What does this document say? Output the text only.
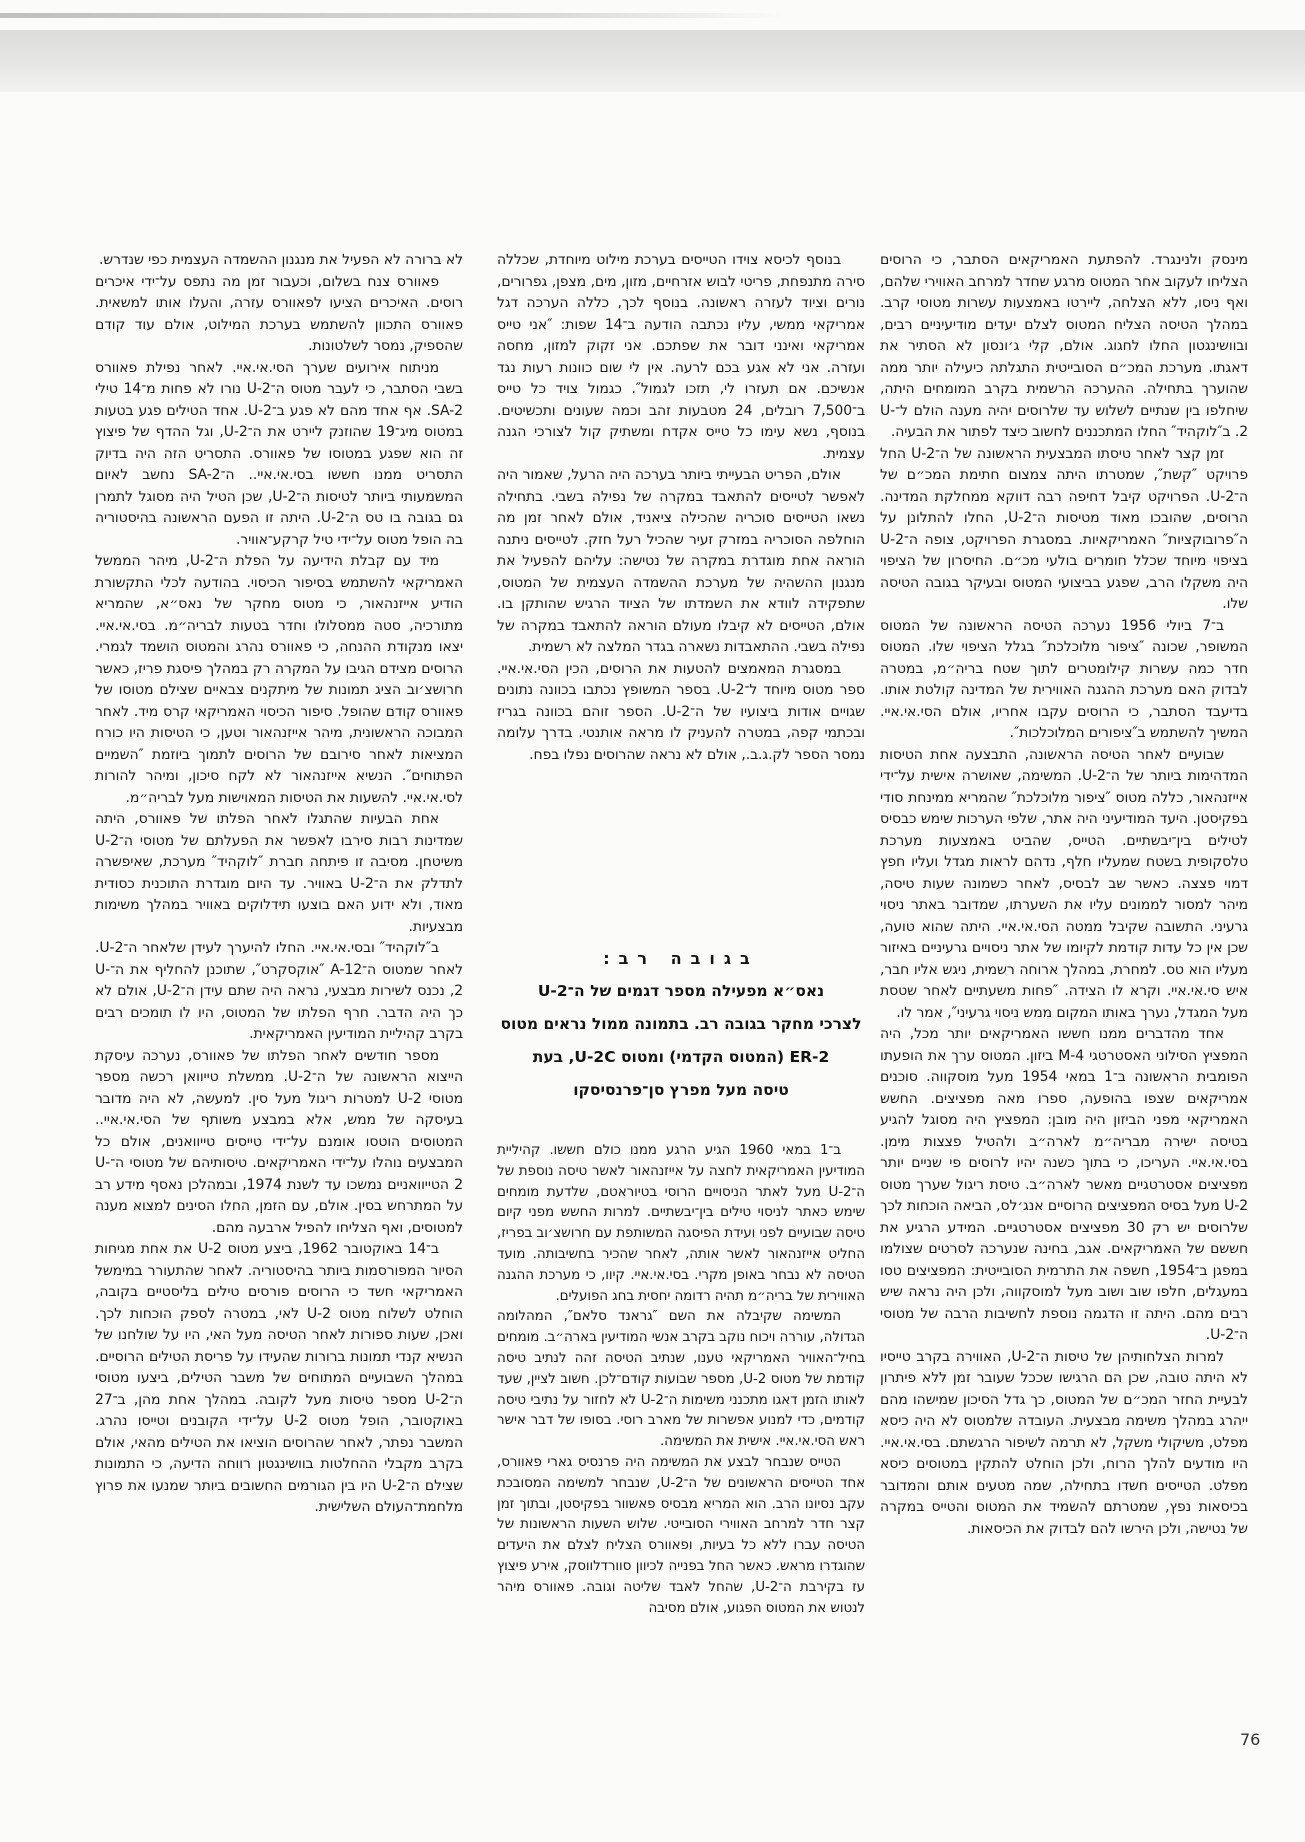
מינסק ולנינגרד. להפתעת האמריקאים הסתבר, כי הרוסים הצליחו לעקוב אחר המטוס מרגע שחדר למרחב האווירי שלהם, ואף ניסו, ללא הצלחה, ליירטו באמצעות עשרות מטוסי קרב. במהלך הטיסה הצליח המטוס לצלם יעדים מודיעיניים רבים, ובוושינגטון החלו לחגוג. אולם, קלי ג׳ונסון לא הסתיר את דאגתו. מערכת המכ״ם הסובייטית התגלתה כיעילה יותר ממה שהוערך בתחילה. ההערכה הרשמית בקרב המומחים היתה, שיחלפו בין שנתיים לשלוש עד שלרוסים יהיה מענה הולם ל־U-2. ב″לוקהיד″ החלו המתכננים לחשוב כיצד לפתור את הבעיה.

זמן קצר לאחר טיסתו המבצעית הראשונה של ה־U-2 החל פרויקט ″קשת″, שמטרתו היתה צמצום חתימת המכ״ם של ה־U-2. הפרויקט קיבל דחיפה רבה דווקא ממחלקת המדינה. הרוסים, שהובכו מאוד מטיסות ה־U-2, החלו להתלונן על ה″פרובוקציות″ האמריקאיות. במסגרת הפרויקט, צופה ה־U-2 בציפוי מיוחד שכלל חומרים בולעי מכ״ם. החיסרון של הציפוי היה משקלו הרב, שפגע בביצועי המטוס ובעיקר בגובה הטיסה שלו.

ב־7 ביולי 1956 נערכה הטיסה הראשונה של המטוס המשופר, שכונה ″ציפור מלוכלכת″ בגלל הציפוי שלו. המטוס חדר כמה עשרות קילומטרים לתוך שטח בריה״מ, במטרה לבדוק האם מערכת ההגנה האווירית של המדינה קולטת אותו. בדיעבד הסתבר, כי הרוסים עקבו אחריו, אולם הסי.אי.איי. המשיך להשתמש ב″ציפורים המלוכלכות″.

שבועיים לאחר הטיסה הראשונה, התבצעה אחת הטיסות המדהימות ביותר של ה־U-2. המשימה, שאושרה אישית על־ידי אייזנהאור, כללה מטוס ″ציפור מלוכלכת″ שהמריא ממינחת סודי בפקיסטן. היעד המודיעיני היה אתר, שלפי הערכות שימש כבסיס לטילים בין־יבשתיים. הטייס, שהביט באמצעות מערכת טלסקופית בשטח שמעליו חלף, נדהם לראות מגדל ועליו חפץ דמוי פצצה. כאשר שב לבסיס, לאחר כשמונה שעות טיסה, מיהר למסור לממונים עליו את השערתו, שמדובר באתר ניסוי גרעיני. התשובה שקיבל ממטה הסי.אי.איי. היתה שהוא טועה, שכן אין כל עדות קודמת לקיומו של אתר ניסויים גרעיניים באיזור מעליו הוא טס. למחרת, במהלך ארוחה רשמית, ניגש אליו חבר, איש סי.אי.איי. וקרא לו הצידה. ″פחות משעתיים לאחר שטסת מעל המגדל, נערך באותו המקום ממש ניסוי גרעיני″, אמר לו.

אחד מהדברים ממנו חששו האמריקאים יותר מכל, היה המפציץ הסילוני האסטרטגי M-4 ביזון. המטוס ערך את הופעתו הפומבית הראשונה ב־1 במאי 1954 מעל מוסקווה. סוכנים אמריקאים שצפו בהופעה, ספרו מאה מפציצים. החשש האמריקאי מפני הביזון היה מובן: המפציץ היה מסוגל להגיע בטיסה ישירה מבריה״מ לארה״ב ולהטיל פצצות מימן. בסי.אי.איי. העריכו, כי בתוך כשנה יהיו לרוסים פי שניים יותר מפציצים אסטרטגיים מאשר לארה״ב. טיסת ריגול שערך מטוס U-2 מעל בסיס המפציצים הרוסיים אנג׳לס, הביאה הוכחות לכך שלרוסים יש רק 30 מפציצים אסטרטגיים. המידע הרגיע את חששם של האמריקאים. אגב, בחינה שנערכה לסרטים שצולמו במפגן ב־1954, חשפה את התרמית הסובייטית: המפציצים טסו במעגלים, חלפו שוב ושוב מעל למוסקווה, ולכן היה נראה שיש רבים מהם. היתה זו הדגמה נוספת לחשיבות הרבה של מטוסי ה־U-2.

למרות הצלחותיהן של טיסות ה־U-2, האווירה בקרב טייסיו לא היתה טובה, שכן הם הרגישו שככל שעובר זמן ללא פיתרון לבעיית החזר המכ״ם של המטוס, כך גדל הסיכון שמישהו מהם ייהרג במהלך משימה מבצעית. העובדה שלמטוס לא היה כיסא מפלט, משיקולי משקל, לא תרמה לשיפור הרגשתם. בסי.אי.איי. היו מודעים להלך הרוח, ולכן הוחלט להתקין במטוסים כיסא מפלט. הטייסים חשדו בתחילה, שמה מטעים אותם והמדובר בכיסאות נפץ, שמטרתם להשמיד את המטוס והטייס במקרה של נטישה, ולכן הירשו להם לבדוק את הכיסאות.

בנוסף לכיסא צוידו הטייסים בערכת מילוט מיוחדת, שכללה סירה מתנפחת, פריטי לבוש אזרחיים, מזון, מים, מצפן, גפרורים, נורים וציוד לעזרה ראשונה. בנוסף לכך, כללה הערכה דגל אמריקאי ממשי, עליו נכתבה הודעה ב־14 שפות: ″אני טייס אמריקאי ואינני דובר את שפתכם. אני זקוק למזון, מחסה ועזרה. אני לא אגע בכם לרעה. אין לי שום כוונות רעות נגד אנשיכם. אם תעזרו לי, תזכו לגמול″. כגמול צויד כל טייס ב־7,500 רובלים, 24 מטבעות זהב וכמה שעונים ותכשיטים. בנוסף, נשא עימו כל טייס אקדח ומשתיק קול לצורכי הגנה עצמית.

אולם, הפריט הבעייתי ביותר בערכה היה הרעל, שאמור היה לאפשר לטייסים להתאבד במקרה של נפילה בשבי. בתחילה נשאו הטייסים סוכריה שהכילה ציאניד, אולם לאחר זמן מה הוחלפה הסוכריה במזרק זעיר שהכיל רעל חזק. לטייסים ניתנה הוראה אחת מוגדרת במקרה של נטישה: עליהם להפעיל את מנגנון ההשהיה של מערכת ההשמדה העצמית של המטוס, שתפקידה לוודא את השמדתו של הציוד הרגיש שהותקן בו. אולם, הטייסים לא קיבלו מעולם הוראה להתאבד במקרה של נפילה בשבי. ההתאבדות נשארה בגדר המלצה לא רשמית.

במסגרת המאמצים להטעות את הרוסים, הכין הסי.אי.איי. ספר מטוס מיוחד ל־U-2. בספר המשופץ נכתבו בכוונה נתונים שגויים אודות ביצועיו של ה־U-2. הספר זוהם בכוונה בגריז ובכתמי קפה, במטרה להעניק לו מראה אותנטי. בדרך עלומה נמסר הספר לק.ג.ב., אולם לא נראה שהרוסים נפלו בפח.

בגובה רב:
נאס״א מפעילה מספר דגמים של ה־U-2
לצרכי מחקר בגובה רב. בתמונה ממול נראים מטוס
ER-2 (המטוס הקדמי) ומטוס U-2C, בעת
טיסה מעל מפרץ סן־פרנסיסקו

ב־1 במאי 1960 הגיע הרגע ממנו כולם חששו. קהיליית המודיעין האמריקאית לחצה על אייזנהאור לאשר טיסה נוספת של ה־U-2 מעל לאתר הניסויים הרוסי בטיוראטם, שלדעת מומחים שימש כאתר לניסוי טילים בין־יבשתיים. למרות החשש מפני קיום טיסה שבועיים לפני ועידת הפיסגה המשותפת עם חרושצ׳וב בפריז, החליט אייזנהאור לאשר אותה, לאחר שהכיר בחשיבותה. מועד הטיסה לא נבחר באופן מקרי. בסי.אי.איי. קיוו, כי מערכת ההגנה האווירית של בריה״מ תהיה רדומה יחסית בחג הפועלים.

המשימה שקיבלה את השם ″גראנד סלאם″, המהלומה הגדולה, עוררה ויכוח נוקב בקרב אנשי המודיעין בארה״ב. מומחים בחיל־האוויר האמריקאי טענו, שנתיב הטיסה זהה לנתיב טיסה קודמת של מטוס U-2, מספר שבועות קודם־לכן. חשוב לציין, שעד לאותו הזמן דאגו מתכנני משימות ה־U-2 לא לחזור על נתיבי טיסה קודמים, כדי למנוע אפשרות של מארב רוסי. בסופו של דבר אישר ראש הסי.אי.איי. אישית את המשימה.

הטייס שנבחר לבצע את המשימה היה פרנסיס גארי פאוורס, אחד הטייסים הראשונים של ה־U-2, שנבחר למשימה המסובכת עקב נסיונו הרב. הוא המריא מבסיס פאשוור בפקיסטן, ובתוך זמן קצר חדר למרחב האווירי הסובייטי. שלוש השעות הראשונות של הטיסה עברו ללא כל בעיות, ופאוורס הצליח לצלם את היעדים שהוגדרו מראש. כאשר החל בפנייה לכיוון סוורדלווסק, אירע פיצוץ עז בקירבת ה־U-2, שהחל לאבד שליטה וגובה. פאוורס מיהר לנטוש את המטוס הפגוע, אולם מסיבה

לא ברורה לא הפעיל את מנגנון ההשמדה העצמית כפי שנדרש.

פאוורס צנח בשלום, וכעבור זמן מה נתפס על־ידי איכרים רוסים. האיכרים הציעו לפאוורס עזרה, והעלו אותו למשאית. פאוורס התכוון להשתמש בערכת המילוט, אולם עוד קודם שהספיק, נמסר לשלטונות.

מניתוח אירועים שערך הסי.אי.איי. לאחר נפילת פאוורס בשבי הסתבר, כי לעבר מטוס ה־U-2 נורו לא פחות מ־14 טילי SA-2. אף אחד מהם לא פגע ב־U-2. אחד הטילים פגע בטעות במטוס מיג־19 שהוזנק ליירט את ה־U-2, וגל ההדף של פיצוץ זה הוא שפגע במטוסו של פאוורס. התסריט הזה היה בדיוק התסריט ממנו חששו בסי.אי.איי.. ה־SA-2 נחשב לאיום המשמעותי ביותר לטיסות ה־U-2, שכן הטיל היה מסוגל לתמרן גם בגובה בו טס ה־U-2. היתה זו הפעם הראשונה בהיסטוריה בה הופל מטוס על־ידי טיל קרקע־אוויר.

מיד עם קבלת הידיעה על הפלת ה־U-2, מיהר הממשל האמריקאי להשתמש בסיפור הכיסוי. בהודעה לכלי התקשורת הודיע אייזנהאור, כי מטוס מחקר של נאס״א, שהמריא מתורכיה, סטה ממסלולו וחדר בטעות לבריה״מ. בסי.אי.איי. יצאו מנקודת ההנחה, כי פאוורס נהרג והמטוס הושמד לגמרי. הרוסים מצידם הגיבו על המקרה רק במהלך פיסגת פריז, כאשר חרושצ׳וב הציג תמונות של מיתקנים צבאיים שצילם מטוסו של פאוורס קודם שהופל. סיפור הכיסוי האמריקאי קרס מיד. לאחר המבוכה הראשונית, מיהר אייזנהאור וטען, כי הטיסות היו כורח המציאות לאחר סירובם של הרוסים לתמוך ביוזמת ″השמיים הפתוחים″. הנשיא אייזנהאור לא לקח סיכון, ומיהר להורות לסי.אי.איי. להשעות את הטיסות המאוישות מעל לבריה״מ.

אחת הבעיות שהתגלו לאחר הפלתו של פאוורס, היתה שמדינות רבות סירבו לאפשר את הפעלתם של מטוסי ה־U-2 משיטחן. מסיבה זו פיתחה חברת ″לוקהיד″ מערכת, שאיפשרה לתדלק את ה־U-2 באוויר. עד היום מוגדרת התוכנית כסודית מאוד, ולא ידוע האם בוצעו תידלוקים באוויר במהלך משימות מבצעיות.

ב″לוקהיד″ ובסי.אי.איי. החלו להיערך לעידן שלאחר ה־U-2. לאחר שמטוס ה־A-12 ″אוקסקרט″, שתוכנן להחליף את ה־U-2, נכנס לשירות מבצעי, נראה היה שתם עידן ה־U-2, אולם לא כך היה הדבר. חרף הפלתו של המטוס, היו לו תומכים רבים בקרב קהיליית המודיעין האמריקאית.

מספר חודשים לאחר הפלתו של פאוורס, נערכה עיסקת הייצוא הראשונה של ה־U-2. ממשלת טייוואן רכשה מספר מטוסי U-2 למטרות ריגול מעל סין. למעשה, לא היה מדובר בעיסקה של ממש, אלא במבצע משותף של הסי.אי.איי.. המטוסים הוטסו אומנם על־ידי טייסים טייוואנים, אולם כל המבצעים נוהלו על־ידי האמריקאים. טיסותיהם של מטוסי ה־U-2 הטייוואניים נמשכו עד לשנת 1974, ובמהלכן נאסף מידע רב על המתרחש בסין. אולם, עם הזמן, החלו הסינים למצוא מענה למטוסים, ואף הצליחו להפיל ארבעה מהם.

ב־14 באוקטובר 1962, ביצע מטוס U-2 את אחת מגיחות הסיור המפורסמות ביותר בהיסטוריה. לאחר שהתעורר במימשל האמריקאי חשד כי הרוסים פורסים טילים בליסטיים בקובה, הוחלט לשלוח מטוס U-2 לאי, במטרה לספק הוכחות לכך. ואכן, שעות ספורות לאחר הטיסה מעל האי, היו על שולחנו של הנשיא קנדי תמונות ברורות שהעידו על פריסת הטילים הרוסיים. במהלך השבועיים המתוחים של משבר הטילים, ביצעו מטוסי ה־U-2 מספר טיסות מעל לקובה. במהלך אחת מהן, ב־27 באוקטובר, הופל מטוס U-2 על־ידי הקובנים וטייסו נהרג. המשבר נפתר, לאחר שהרוסים הוציאו את הטילים מהאי, אולם בקרב מקבלי ההחלטות בוושינגטון רווחה הדיעה, כי התמונות שצילם ה־U-2 היו בין הגורמים החשובים ביותר שמנעו את פרוץ מלחמת־העולם השלישית.

76
